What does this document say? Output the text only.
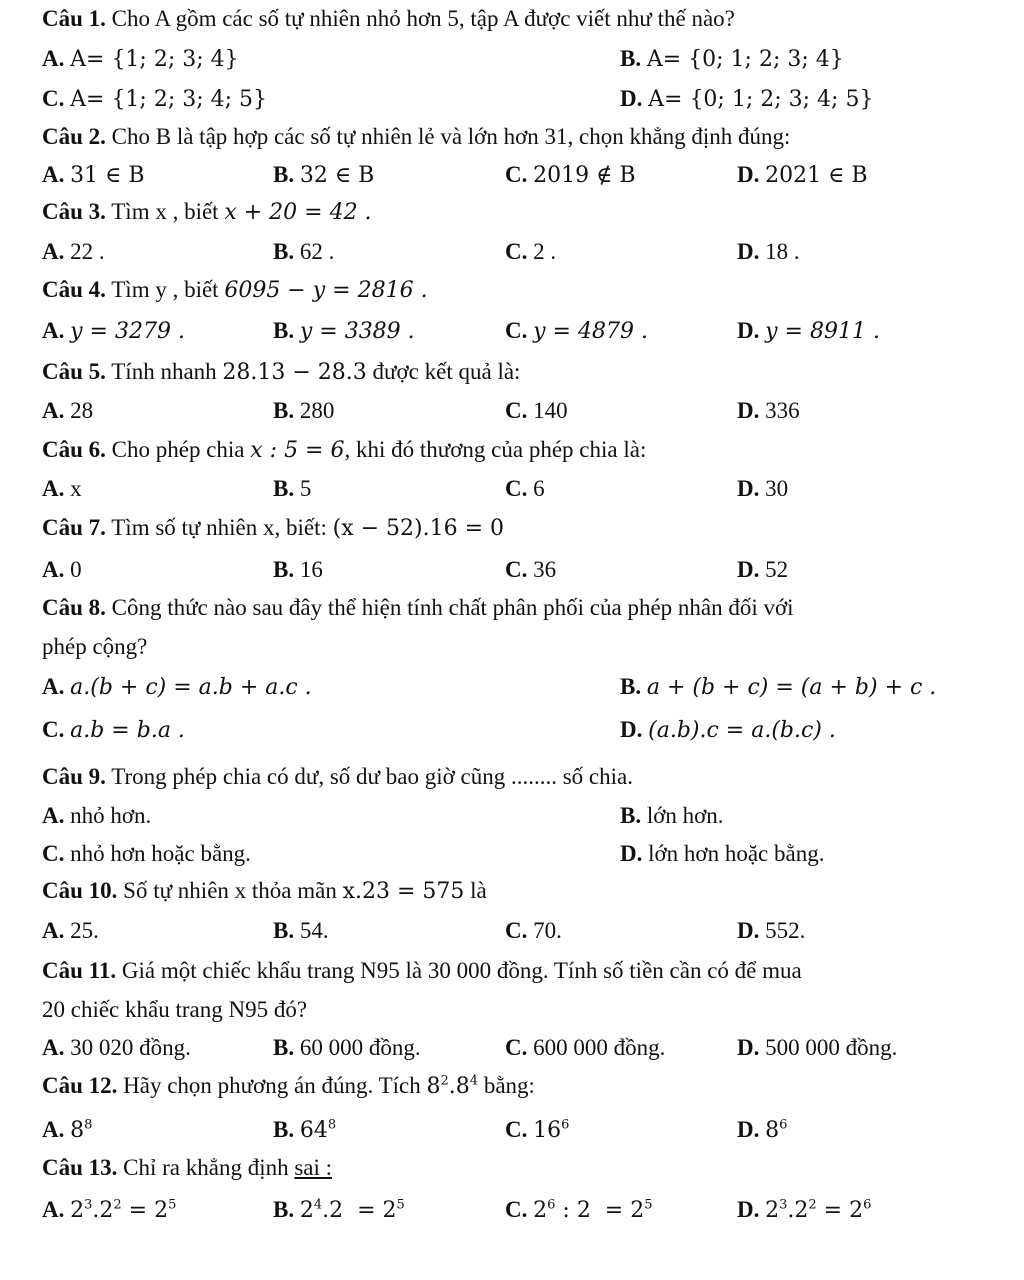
Câu 1. Cho A gồm các số tự nhiên nhỏ hơn 5, tập A được viết như thế nào?
A. A= {1; 2; 3; 4}	B. A= {0; 1; 2; 3; 4}
C. A= {1; 2; 3; 4; 5}	D. A= {0; 1; 2; 3; 4; 5}
Câu 2. Cho B là tập hợp các số tự nhiên lẻ và lớn hơn 31, chọn khẳng định đúng:
A. 31 ∈ B	B. 32 ∈ B	C. 2019 ∉ B	D. 2021 ∈ B
Câu 3. Tìm x , biết x + 20 = 42 .
A. 22 .	B. 62 .	C. 2 .	D. 18 .
Câu 4. Tìm y , biết 6095 − y = 2816 .
A. y = 3279 .	B. y = 3389 .	C. y = 4879 .	D. y = 8911 .
Câu 5. Tính nhanh 28.13 − 28.3 được kết quả là:
A. 28	B. 280	C. 140	D. 336
Câu 6. Cho phép chia x : 5 = 6, khi đó thương của phép chia là:
A. x	B. 5	C. 6	D. 30
Câu 7. Tìm số tự nhiên x, biết: (x − 52).16 = 0
A. 0	B. 16	C. 36	D. 52
Câu 8. Công thức nào sau đây thể hiện tính chất phân phối của phép nhân đối với
phép cộng?
A. a.(b + c) = a.b + a.c .	B. a + (b + c) = (a + b) + c .
C. a.b = b.a .	D. (a.b).c = a.(b.c) .
Câu 9. Trong phép chia có dư, số dư bao giờ cũng ........ số chia.
A. nhỏ hơn.	B. lớn hơn.
C. nhỏ hơn hoặc bằng.	D. lớn hơn hoặc bằng.
Câu 10. Số tự nhiên x thỏa mãn x.23 = 575 là
A. 25.	B. 54.	C. 70.	D. 552.
Câu 11. Giá một chiếc khẩu trang N95 là 30 000 đồng. Tính số tiền cần có để mua
20 chiếc khẩu trang N95 đó?
A. 30 020 đồng.	B. 60 000 đồng.	C. 600 000 đồng.	D. 500 000 đồng.
Câu 12. Hãy chọn phương án đúng. Tích $8^2.8^4$ bằng:
A. $8^8$	B. $64^8$	C. $16^6$	D. $8^6$
Câu 13. Chỉ ra khẳng định sai :
A. $2^3.2^2 = 2^5$	B. $2^4.2 = 2^5$	C. $2^6$ : $2 = 2^5$	D. $2^3.2^2 = 2^6$
